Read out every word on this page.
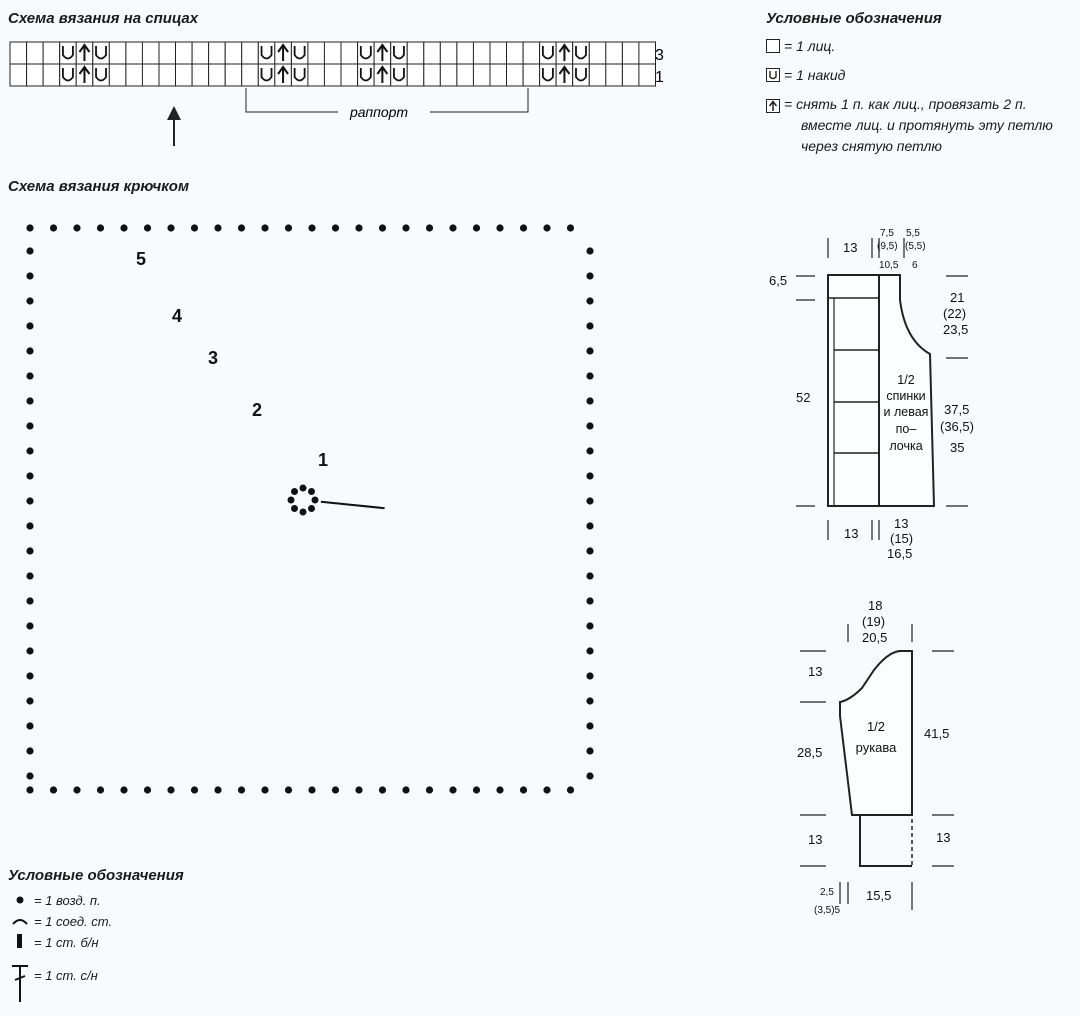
Схема вязания на спицах
3
1
раппорт
Условные обозначения
= 1 лиц.
= 1 накид
= снять 1 п. как лиц., провязать 2 п.
вместе лиц. и протянуть эту петлю
через снятую петлю
Схема вязания крючком
1
2
3
4
5
Условные обозначения
= 1 возд. п.
= 1 соед. ст.
= 1 ст. б/н
= 1 ст. с/н
13
7,5
(9,5)
10,5
5,5
(5,5)
6
6,5
52
21
(22)
23,5
37,5
(36,5)
35
13
13
(15)
16,5
1/2
спинки
и левая
по–
лочка
18
(19)
20,5
13
28,5
41,5
13	13
2,5
(3,5)5
15,5
1/2
рукава
